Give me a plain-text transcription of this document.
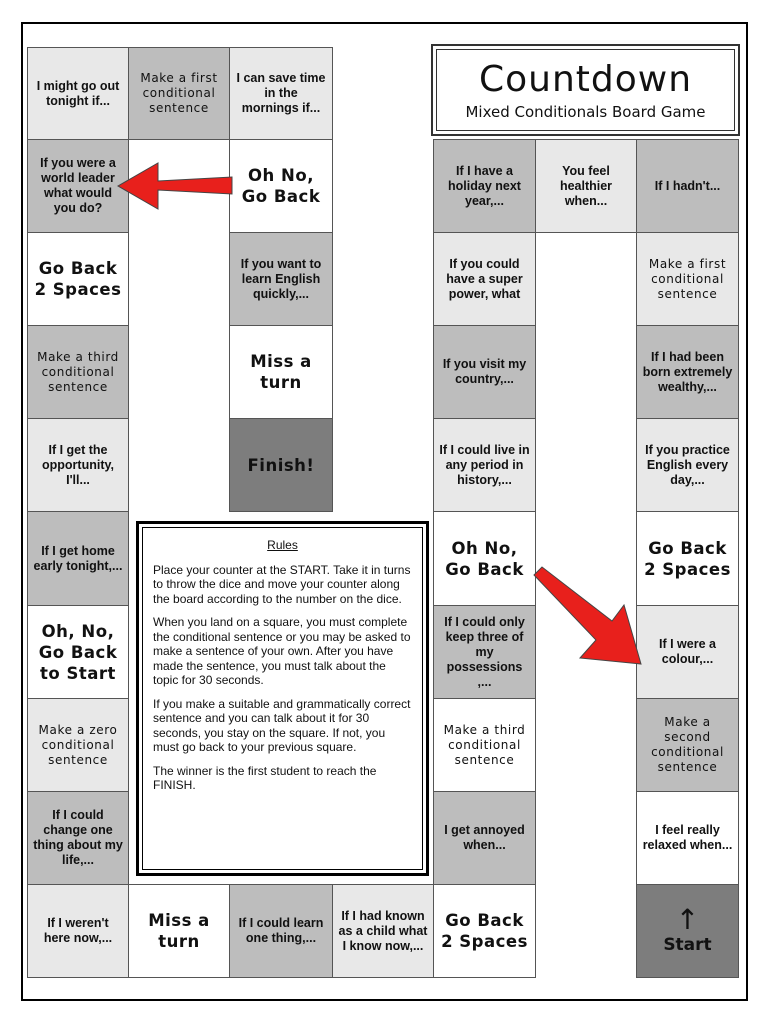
Countdown
Mixed Conditionals Board Game
I might go out tonight if...
Make a first conditional sentence
I can save time in the mornings if...
If you were a world leader what would you do?
Oh No, Go Back
Go Back 2 Spaces
If you want to learn English quickly,...
Make a third conditional sentence
Miss a turn
If I get the opportunity, I'll...
Finish!
If I get home early tonight,...
Oh, No, Go Back to Start
Make a zero conditional sentence
If I could change one thing about my life,...
If I weren't here now,...
Miss a turn
If I could learn one thing,...
If I had known as a child what I know now,...
If I have a holiday next year,...
If you could have a super power, what
If you visit my country,...
If I could live in any period in history,...
Oh No, Go Back
If I could only keep three of my possessions ,...
Make a third conditional sentence
I get annoyed when...
Go Back 2 Spaces
You feel healthier when...
If I hadn't...
Make a first conditional sentence
If I had been born extremely wealthy,...
If you practice English every day,...
Go Back 2 Spaces
If I were a colour,...
Make a second conditional sentence
I feel really relaxed when...
↑
Start
Rules

Place your counter at the START. Take it in turns to throw the dice and move your counter along the board according to the number on the dice.

When you land on a square, you must complete the conditional sentence or you may be asked to make a sentence of your own. After you have made the sentence, you must talk about the topic for 30 seconds.

If you make a suitable and grammatically correct sentence and you can talk about it for 30 seconds, you stay on the square. If not, you must go back to your previous square.

The winner is the first student to reach the FINISH.
